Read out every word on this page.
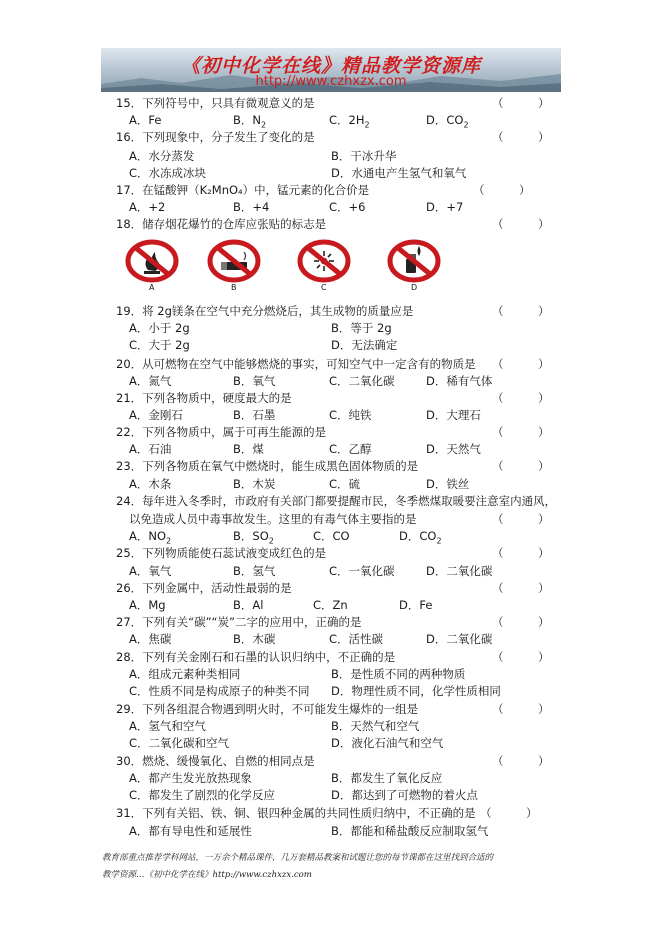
《初中化学在线》精品教学资源库
http://www.czhxzx.com
15．下列符号中，只具有微观意义的是	（　　　）
A．Fe	B．$N_2$	C．$2H_2$	D．$CO_2$
16．下列现象中，分子发生了变化的是	（　　　）
A．水分蒸发	B．干冰升华
C．水冻成冰块	D．水通电产生氢气和氧气
17．在锰酸钾（K₂MnO₄）中，锰元素的化合价是	（　　　）
A．+2	B．+4	C．+6	D．+7
18．储存烟花爆竹的仓库应张贴的标志是	（　　　）
A	B	C	D
19．将 2g镁条在空气中充分燃烧后，其生成物的质量应是	（　　　）
A．小于 2g	B．等于 2g
C．大于 2g	D．无法确定
20．从可燃物在空气中能够燃烧的事实，可知空气中一定含有的物质是 （　　　）
A．氮气	B．氧气	C．二氧化碳	D．稀有气体
21．下列各物质中，硬度最大的是	（　　　）
A．金刚石	B．石墨	C．纯铁	D．大理石
22．下列各物质中，属于可再生能源的是	（　　　）
A．石油	B．煤	C．乙醇	D．天然气
23．下列各物质在氧气中燃烧时，能生成黑色固体物质的是	（　　　）
A．木条	B．木炭	C．硫	D．铁丝
24．每年进入冬季时，市政府有关部门都要提醒市民，冬季燃煤取暖要注意室内通风，
以免造成人员中毒事故发生。这里的有毒气体主要指的是	（　　　）
A．$NO_2$	B．$SO_2$	C．CO	D．$CO_2$
25．下列物质能使石蕊试液变成红色的是	（　　　）
A．氧气	B．氢气	C．一氧化碳	D．二氧化碳
26．下列金属中，活动性最弱的是	（　　　）
A．Mg	B．Al	C．Zn	D．Fe
27．下列有关“碳”“炭”二字的应用中，正确的是	（　　　）
A．焦碳	B．木碳	C．活性碳	D．二氧化碳
28．下列有关金刚石和石墨的认识归纳中，不正确的是	（　　　）
A．组成元素种类相同	B．是性质不同的两种物质
C．性质不同是构成原子的种类不同 D．物理性质不同，化学性质相同
29．下列各组混合物遇到明火时，不可能发生爆炸的一组是	（　　　）
A．氢气和空气	B．天然气和空气
C．二氧化碳和空气	D．液化石油气和空气
30．燃烧、缓慢氧化、自燃的相同点是	（　　　）
A．都产生发光放热现象	B．都发生了氧化反应
C．都发生了剧烈的化学反应	D．都达到了可燃物的着火点
31．下列有关铝、铁、铜、银四种金属的共同性质归纳中，不正确的是 （　　　）
A．都有导电性和延展性	B．都能和稀盐酸反应制取氢气
教育部重点推荐学科网站，一万余个精品课件，几万套精品教案和试题让您的每节课都在这里找到合适的
教学资源…《初中化学在线》http://www.czhxzx.com
